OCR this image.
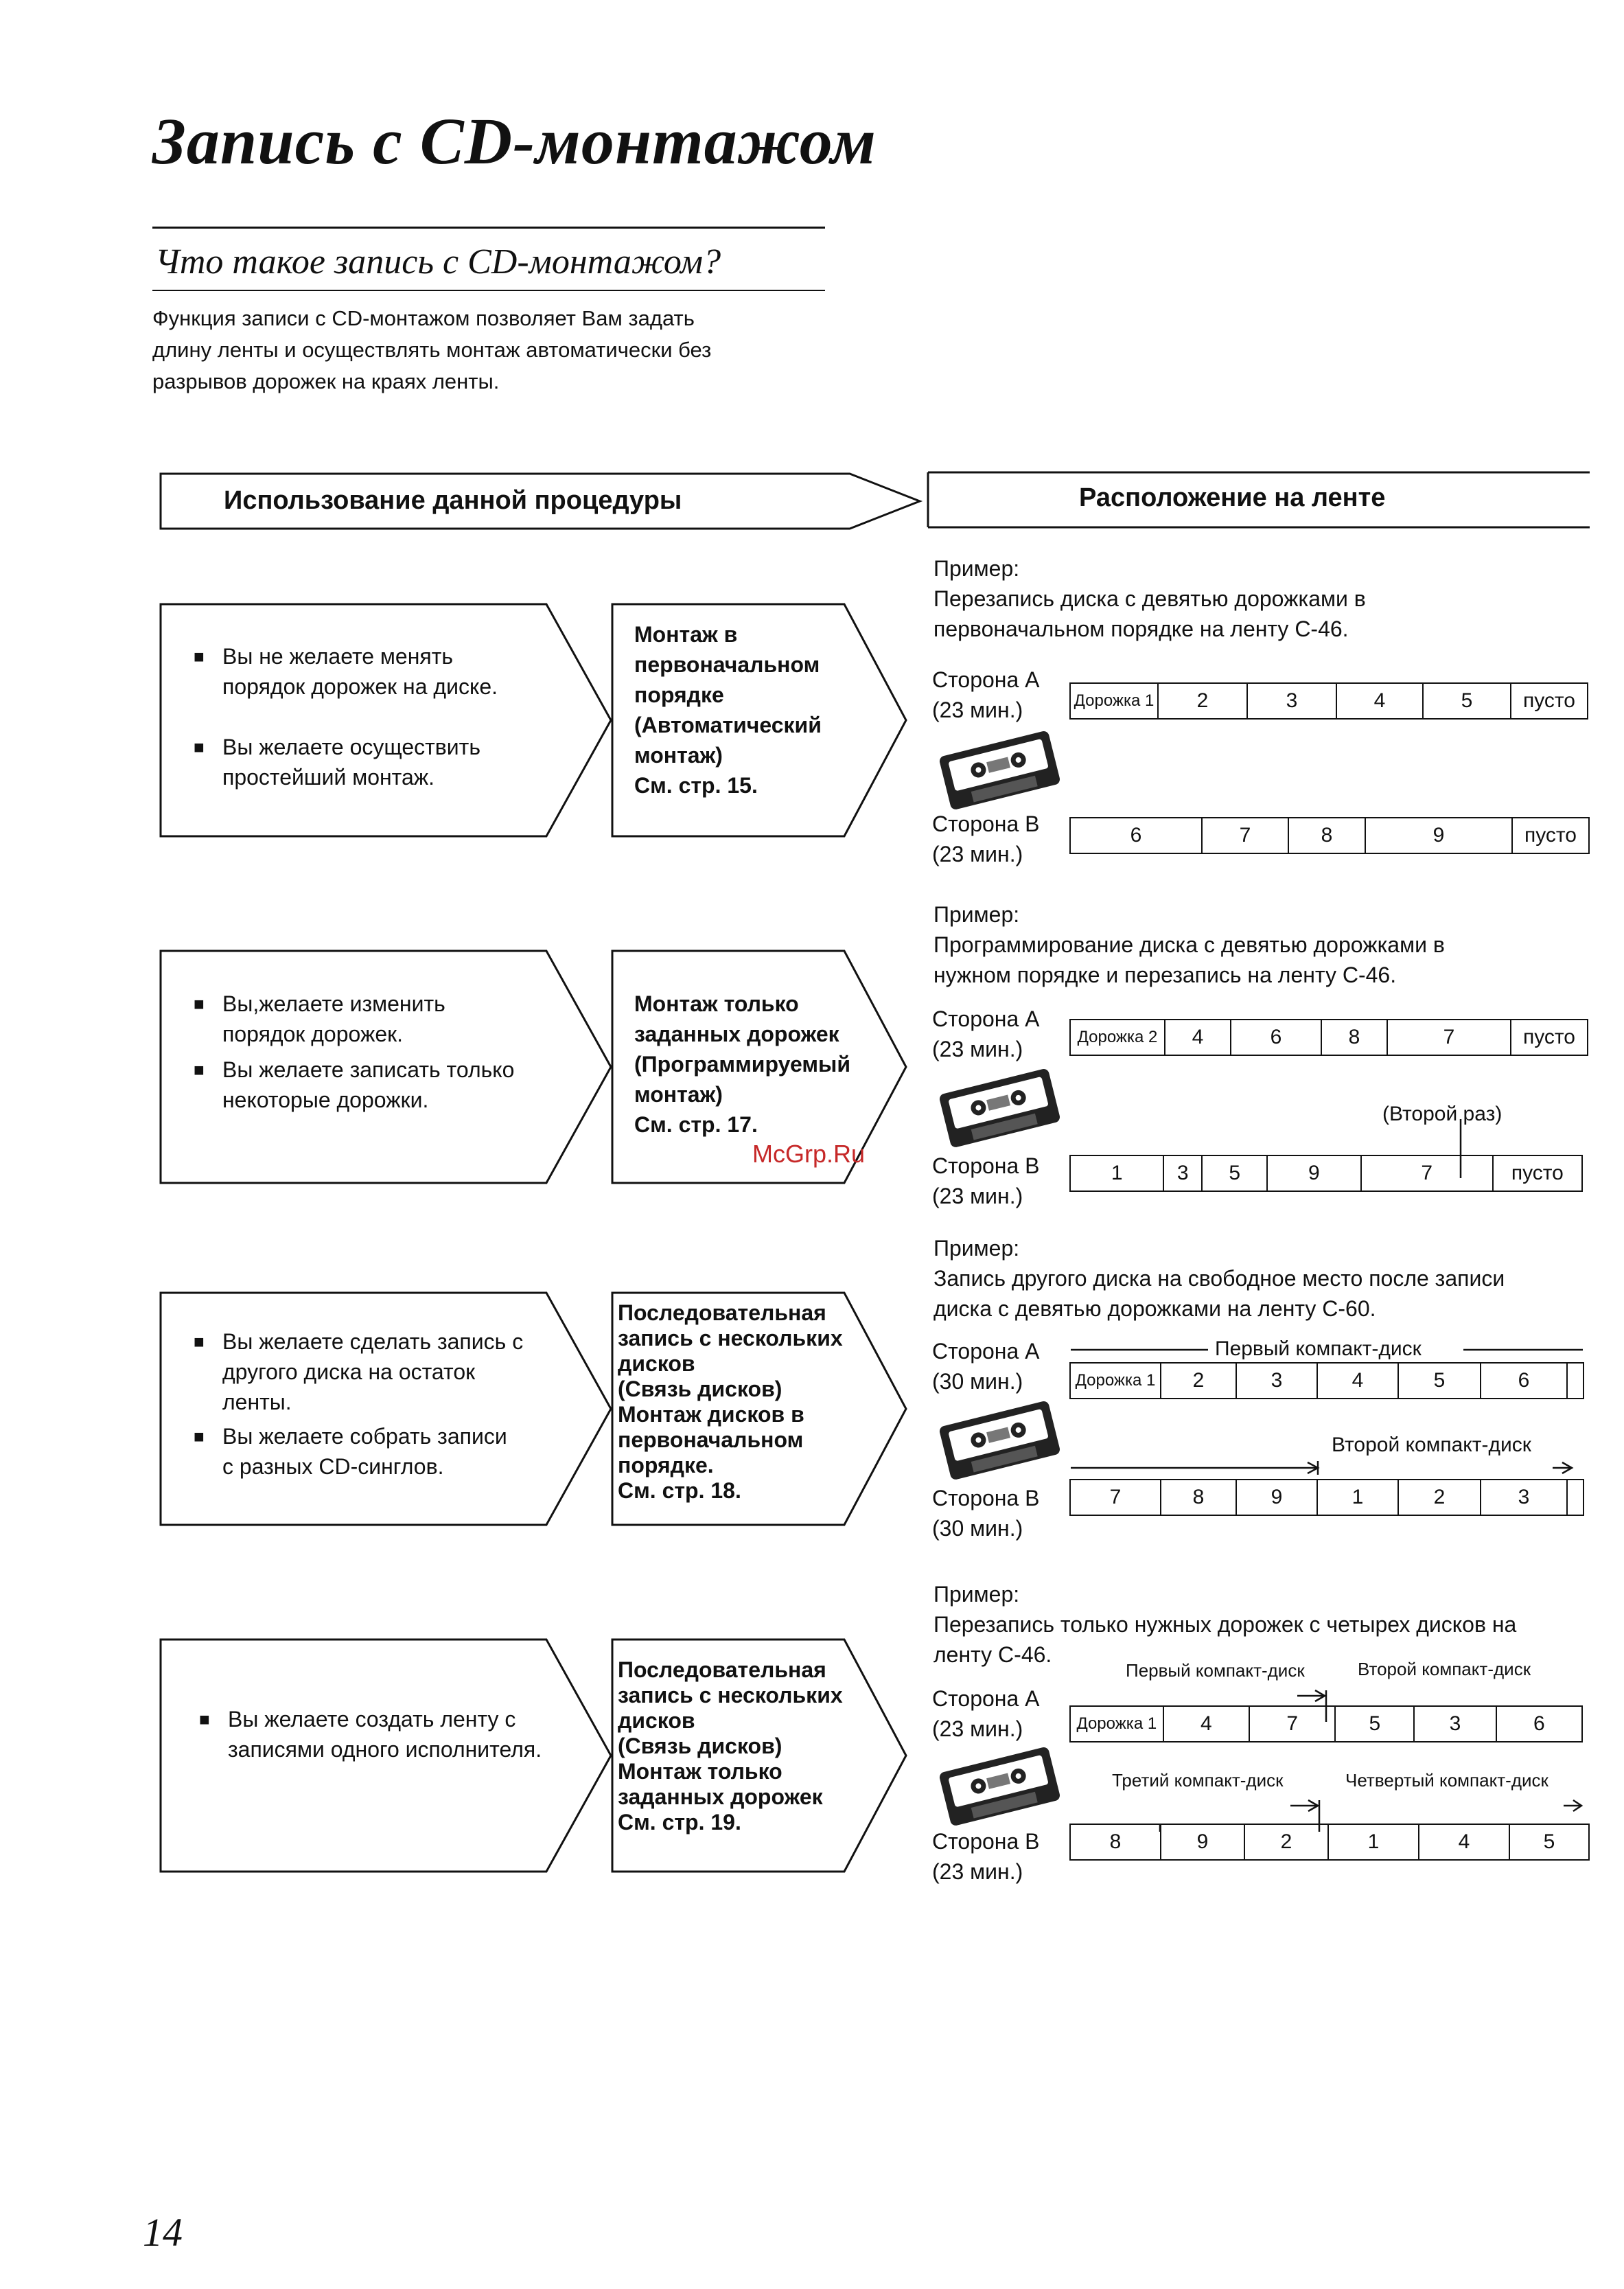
Запись с CD-монтажом
Что такое запись с CD-монтажом?
Функция записи с CD-монтажом позволяет Вам задать
длину ленты и осуществлять монтаж автоматически без
разрывов дорожек на краях ленты.
Использование данной процедуры	Расположение на ленте
■ Вы не желаете менять
порядок дорожек на диске.
■ Вы желаете осуществить
простейший монтаж.
Монтаж в
первоначальном
порядке
(Автоматический
монтаж)
См. стр. 15.
Пример:
Перезапись диска с девятью дорожками в
первоначальном порядке на ленту С-46.
Сторона А
(23 мин.)	Дорожка 1	2	3	4	5	пусто
Сторона В
(23 мин.)
6	7	8	9	пусто
■ Вы,желаете изменить
порядок дорожек.
■ Вы желаете записать только
некоторые дорожки.
Монтаж только
заданных дорожек
(Программируемый
монтаж)
См. стр. 17.
Пример:
Программирование диска с девятью дорожками в
нужном порядке и перезапись на ленту С-46.
Сторона А
(23 мин.)	Дорожка 2	4	6	8	7	пусто
(Второй раз)
Сторона В
(23 мин.)
1	3	5	9	7	пусто
McGrp.Ru
■ Вы желаете сделать запись с
другого диска на остаток
ленты.
■ Вы желаете собрать записи
с разных CD-синглов.
Последовательная
запись с нескольких
дисков
(Связь дисков)
Монтаж дисков в
первоначальном
порядке.
См. стр. 18.
Пример:
Запись другого диска на свободное место после записи
диска с девятью дорожками на ленту С-60.
Первый компакт-диск
Сторона А
(30 мин.)	Дорожка 1	2	3	4	5	6	
Второй компакт-диск
Сторона В
(30 мин.)
7	8	9	1	2	3	
■ Вы желаете создать ленту с
записями одного исполнителя.
Последовательная
запись с нескольких
дисков
(Связь дисков)
Монтаж только
заданных дорожек
См. стр. 19.
Пример:
Перезапись только нужных дорожек с четырех дисков на
ленту С-46.
Первый компакт-диск	Второй компакт-диск
Сторона А
(23 мин.)	Дорожка 1	4	7	5	3	6
Третий компакт-диск	Четвертый компакт-диск
Сторона В
(23 мин.)
8	9	2	1	4	5
14
